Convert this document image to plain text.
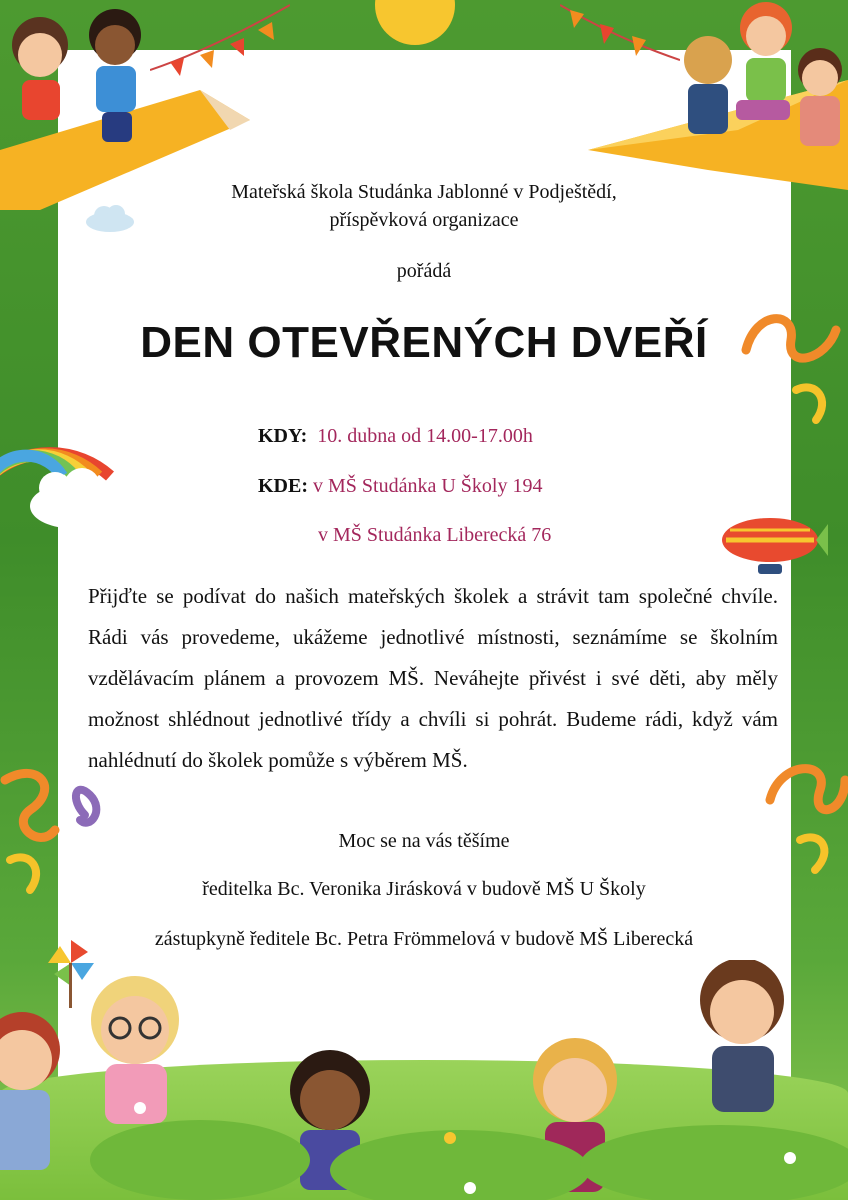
Mateřská škola Studánka Jablonné v Podještědí,
příspěvková organizace
pořádá
DEN OTEVŘENÝCH DVEŘÍ
KDY: 10. dubna od 14.00-17.00h
KDE: v MŠ Studánka U Školy 194
v MŠ Studánka Liberecká 76
Přijďte se podívat do našich mateřských školek a strávit tam společné chvíle. Rádi vás provedeme, ukážeme jednotlivé místnosti, seznámíme se školním vzdělávacím plánem a provozem MŠ. Neváhejte přivést i své děti, aby měly možnost shlédnout jednotlivé třídy a chvíli si pohrát. Budeme rádi, když vám nahlédnutí do školek pomůže s výběrem MŠ.
Moc se na vás těšíme
ředitelka Bc. Veronika Jirásková v budově MŠ U Školy
zástupkyně ředitele Bc. Petra Frömmelová v budově MŠ Liberecká
